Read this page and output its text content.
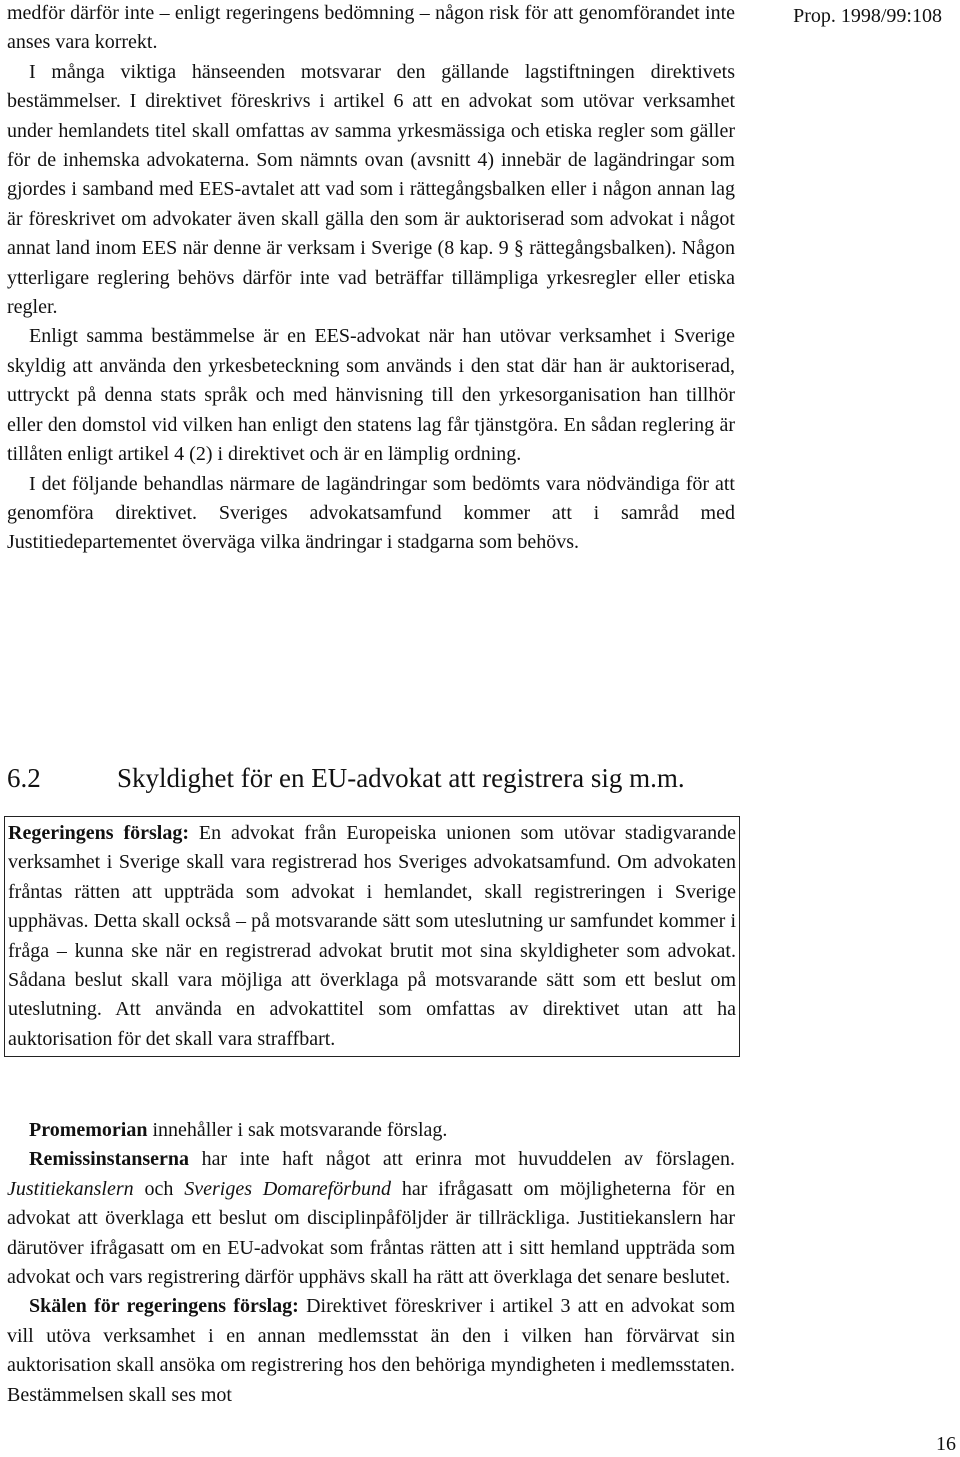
Prop. 1998/99:108

medför därför inte – enligt regeringens bedömning – någon risk för att genomförandet inte anses vara korrekt.

I många viktiga hänseenden motsvarar den gällande lagstiftningen direktivets bestämmelser. I direktivet föreskrivs i artikel 6 att en advokat som utövar verksamhet under hemlandets titel skall omfattas av samma yrkesmässiga och etiska regler som gäller för de inhemska advokaterna. Som nämnts ovan (avsnitt 4) innebär de lagändringar som gjordes i samband med EES-avtalet att vad som i rättegångsbalken eller i någon annan lag är föreskrivet om advokater även skall gälla den som är auktoriserad som advokat i något annat land inom EES när denne är verksam i Sverige (8 kap. 9 § rättegångsbalken). Någon ytterligare reglering behövs därför inte vad beträffar tillämpliga yrkesregler eller etiska regler.

Enligt samma bestämmelse är en EES-advokat när han utövar verksamhet i Sverige skyldig att använda den yrkesbeteckning som används i den stat där han är auktoriserad, uttryckt på denna stats språk och med hänvisning till den yrkesorganisation han tillhör eller den domstol vid vilken han enligt den statens lag får tjänstgöra. En sådan reglering är tillåten enligt artikel 4 (2) i direktivet och är en lämplig ordning.

I det följande behandlas närmare de lagändringar som bedömts vara nödvändiga för att genomföra direktivet. Sveriges advokatsamfund kommer att i samråd med Justitiedepartementet överväga vilka ändringar i stadgarna som behövs.

6.2	Skyldighet för en EU-advokat att registrera sig m.m.

Regeringens förslag: En advokat från Europeiska unionen som utövar stadigvarande verksamhet i Sverige skall vara registrerad hos Sveriges advokatsamfund. Om advokaten fråntas rätten att uppträda som advokat i hemlandet, skall registreringen i Sverige upphävas. Detta skall också – på motsvarande sätt som uteslutning ur samfundet kommer i fråga – kunna ske när en registrerad advokat brutit mot sina skyldigheter som advokat. Sådana beslut skall vara möjliga att överklaga på motsvarande sätt som ett beslut om uteslutning. Att använda en advokattitel som omfattas av direktivet utan att ha auktorisation för det skall vara straffbart.

Promemorian innehåller i sak motsvarande förslag.

Remissinstanserna har inte haft något att erinra mot huvuddelen av förslagen. Justitiekanslern och Sveriges Domareförbund har ifrågasatt om möjligheterna för en advokat att överklaga ett beslut om disciplinpåföljder är tillräckliga. Justitiekanslern har därutöver ifrågasatt om en EU-advokat som fråntas rätten att i sitt hemland uppträda som advokat och vars registrering därför upphävs skall ha rätt att överklaga det senare beslutet.

Skälen för regeringens förslag: Direktivet föreskriver i artikel 3 att en advokat som vill utöva verksamhet i en annan medlemsstat än den i vilken han förvärvat sin auktorisation skall ansöka om registrering hos den behöriga myndigheten i medlemsstaten. Bestämmelsen skall ses mot

16
